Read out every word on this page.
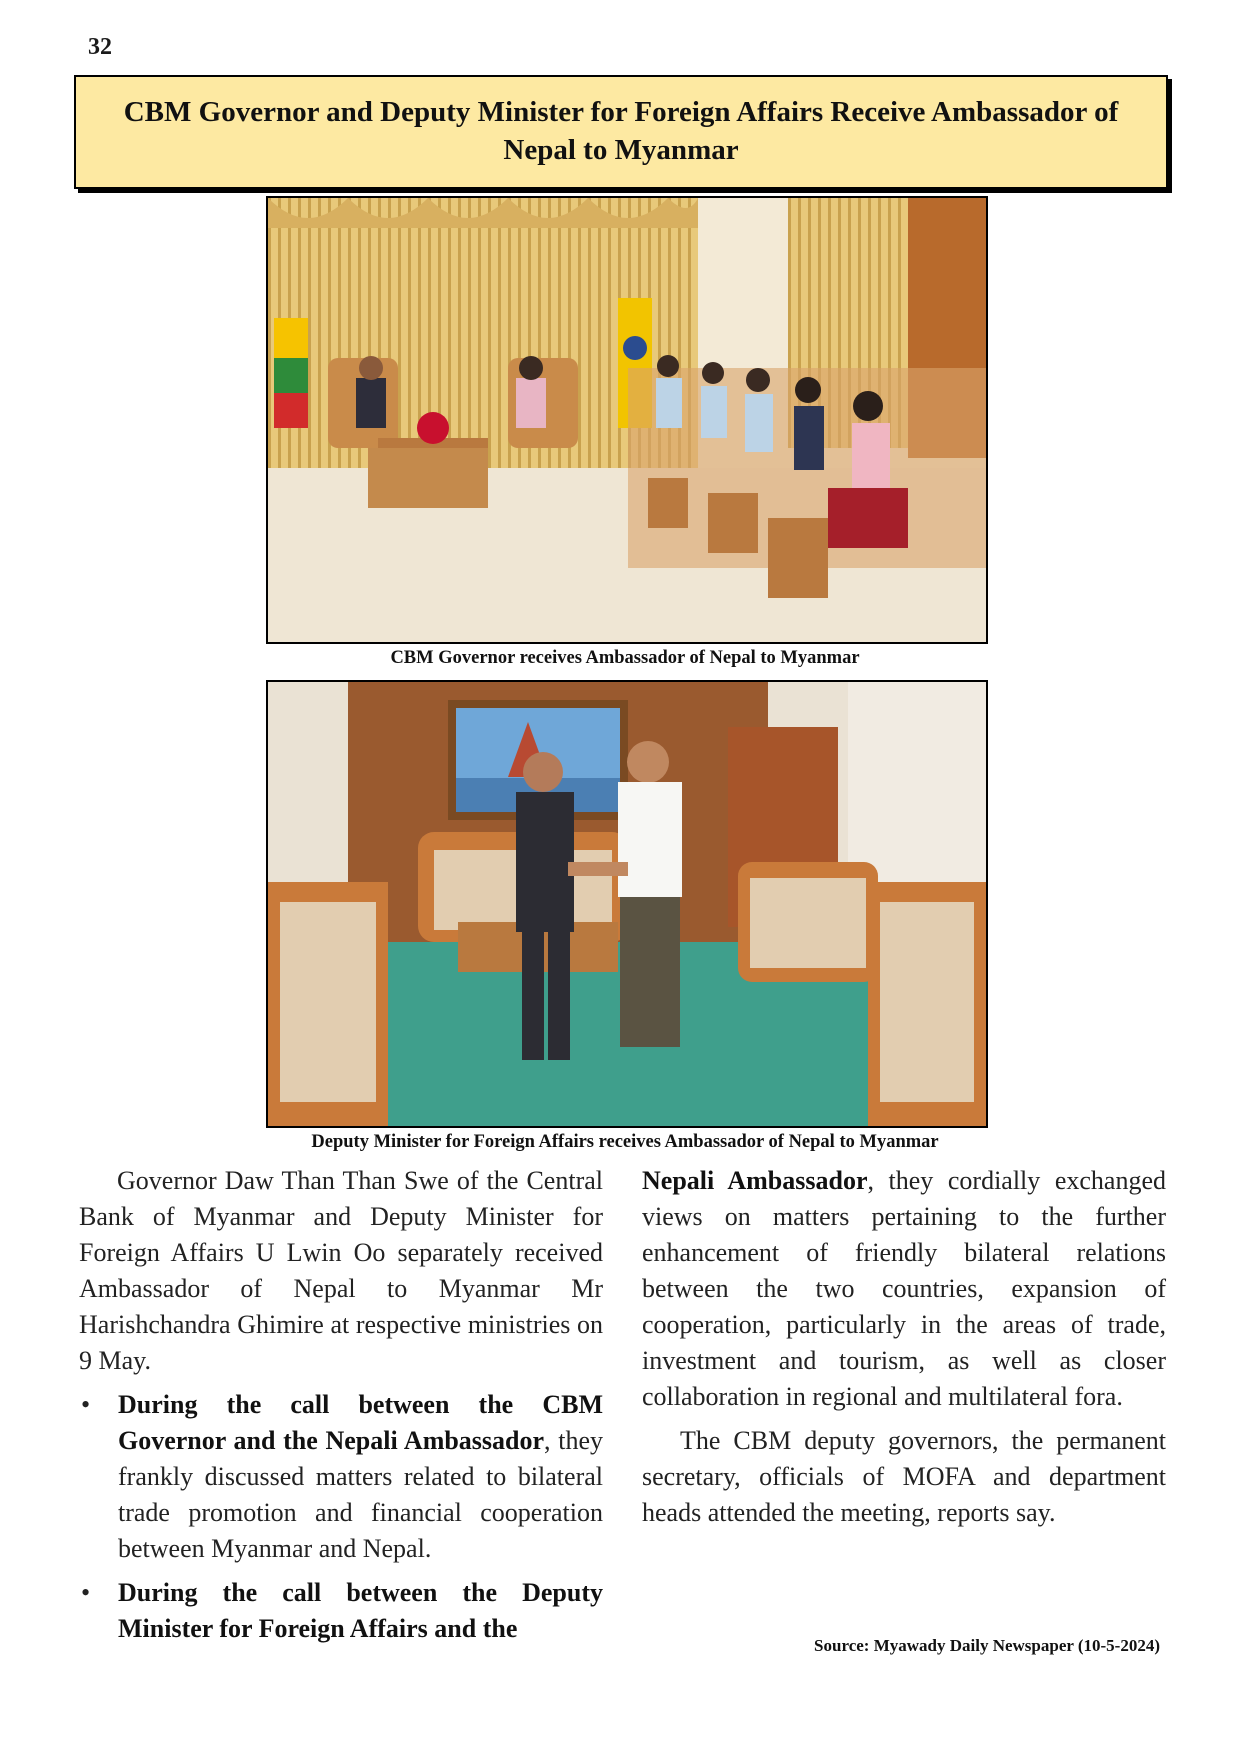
32
CBM Governor and Deputy Minister for Foreign Affairs Receive Ambassador of Nepal to Myanmar
CBM Governor receives Ambassador of Nepal to Myanmar
Deputy Minister for Foreign Affairs receives Ambassador of Nepal to Myanmar

Governor Daw Than Than Swe of the Central Bank of Myanmar and Deputy Minister for Foreign Affairs U Lwin Oo separately received Ambassador of Nepal to Myanmar Mr Harishchandra Ghimire at respective ministries on 9 May.

• During the call between the CBM Governor and the Nepali Ambassador, they frankly discussed matters related to bilateral trade promotion and financial cooperation between Myanmar and Nepal.
• During the call between the Deputy Minister for Foreign Affairs and the

Nepali Ambassador, they cordially exchanged views on matters pertaining to the further enhancement of friendly bilateral relations between the two countries, expansion of cooperation, particularly in the areas of trade, investment and tourism, as well as closer collaboration in regional and multilateral fora.

The CBM deputy governors, the permanent secretary, officials of MOFA and department heads attended the meeting, reports say.

Source: Myawady Daily Newspaper (10-5-2024)
